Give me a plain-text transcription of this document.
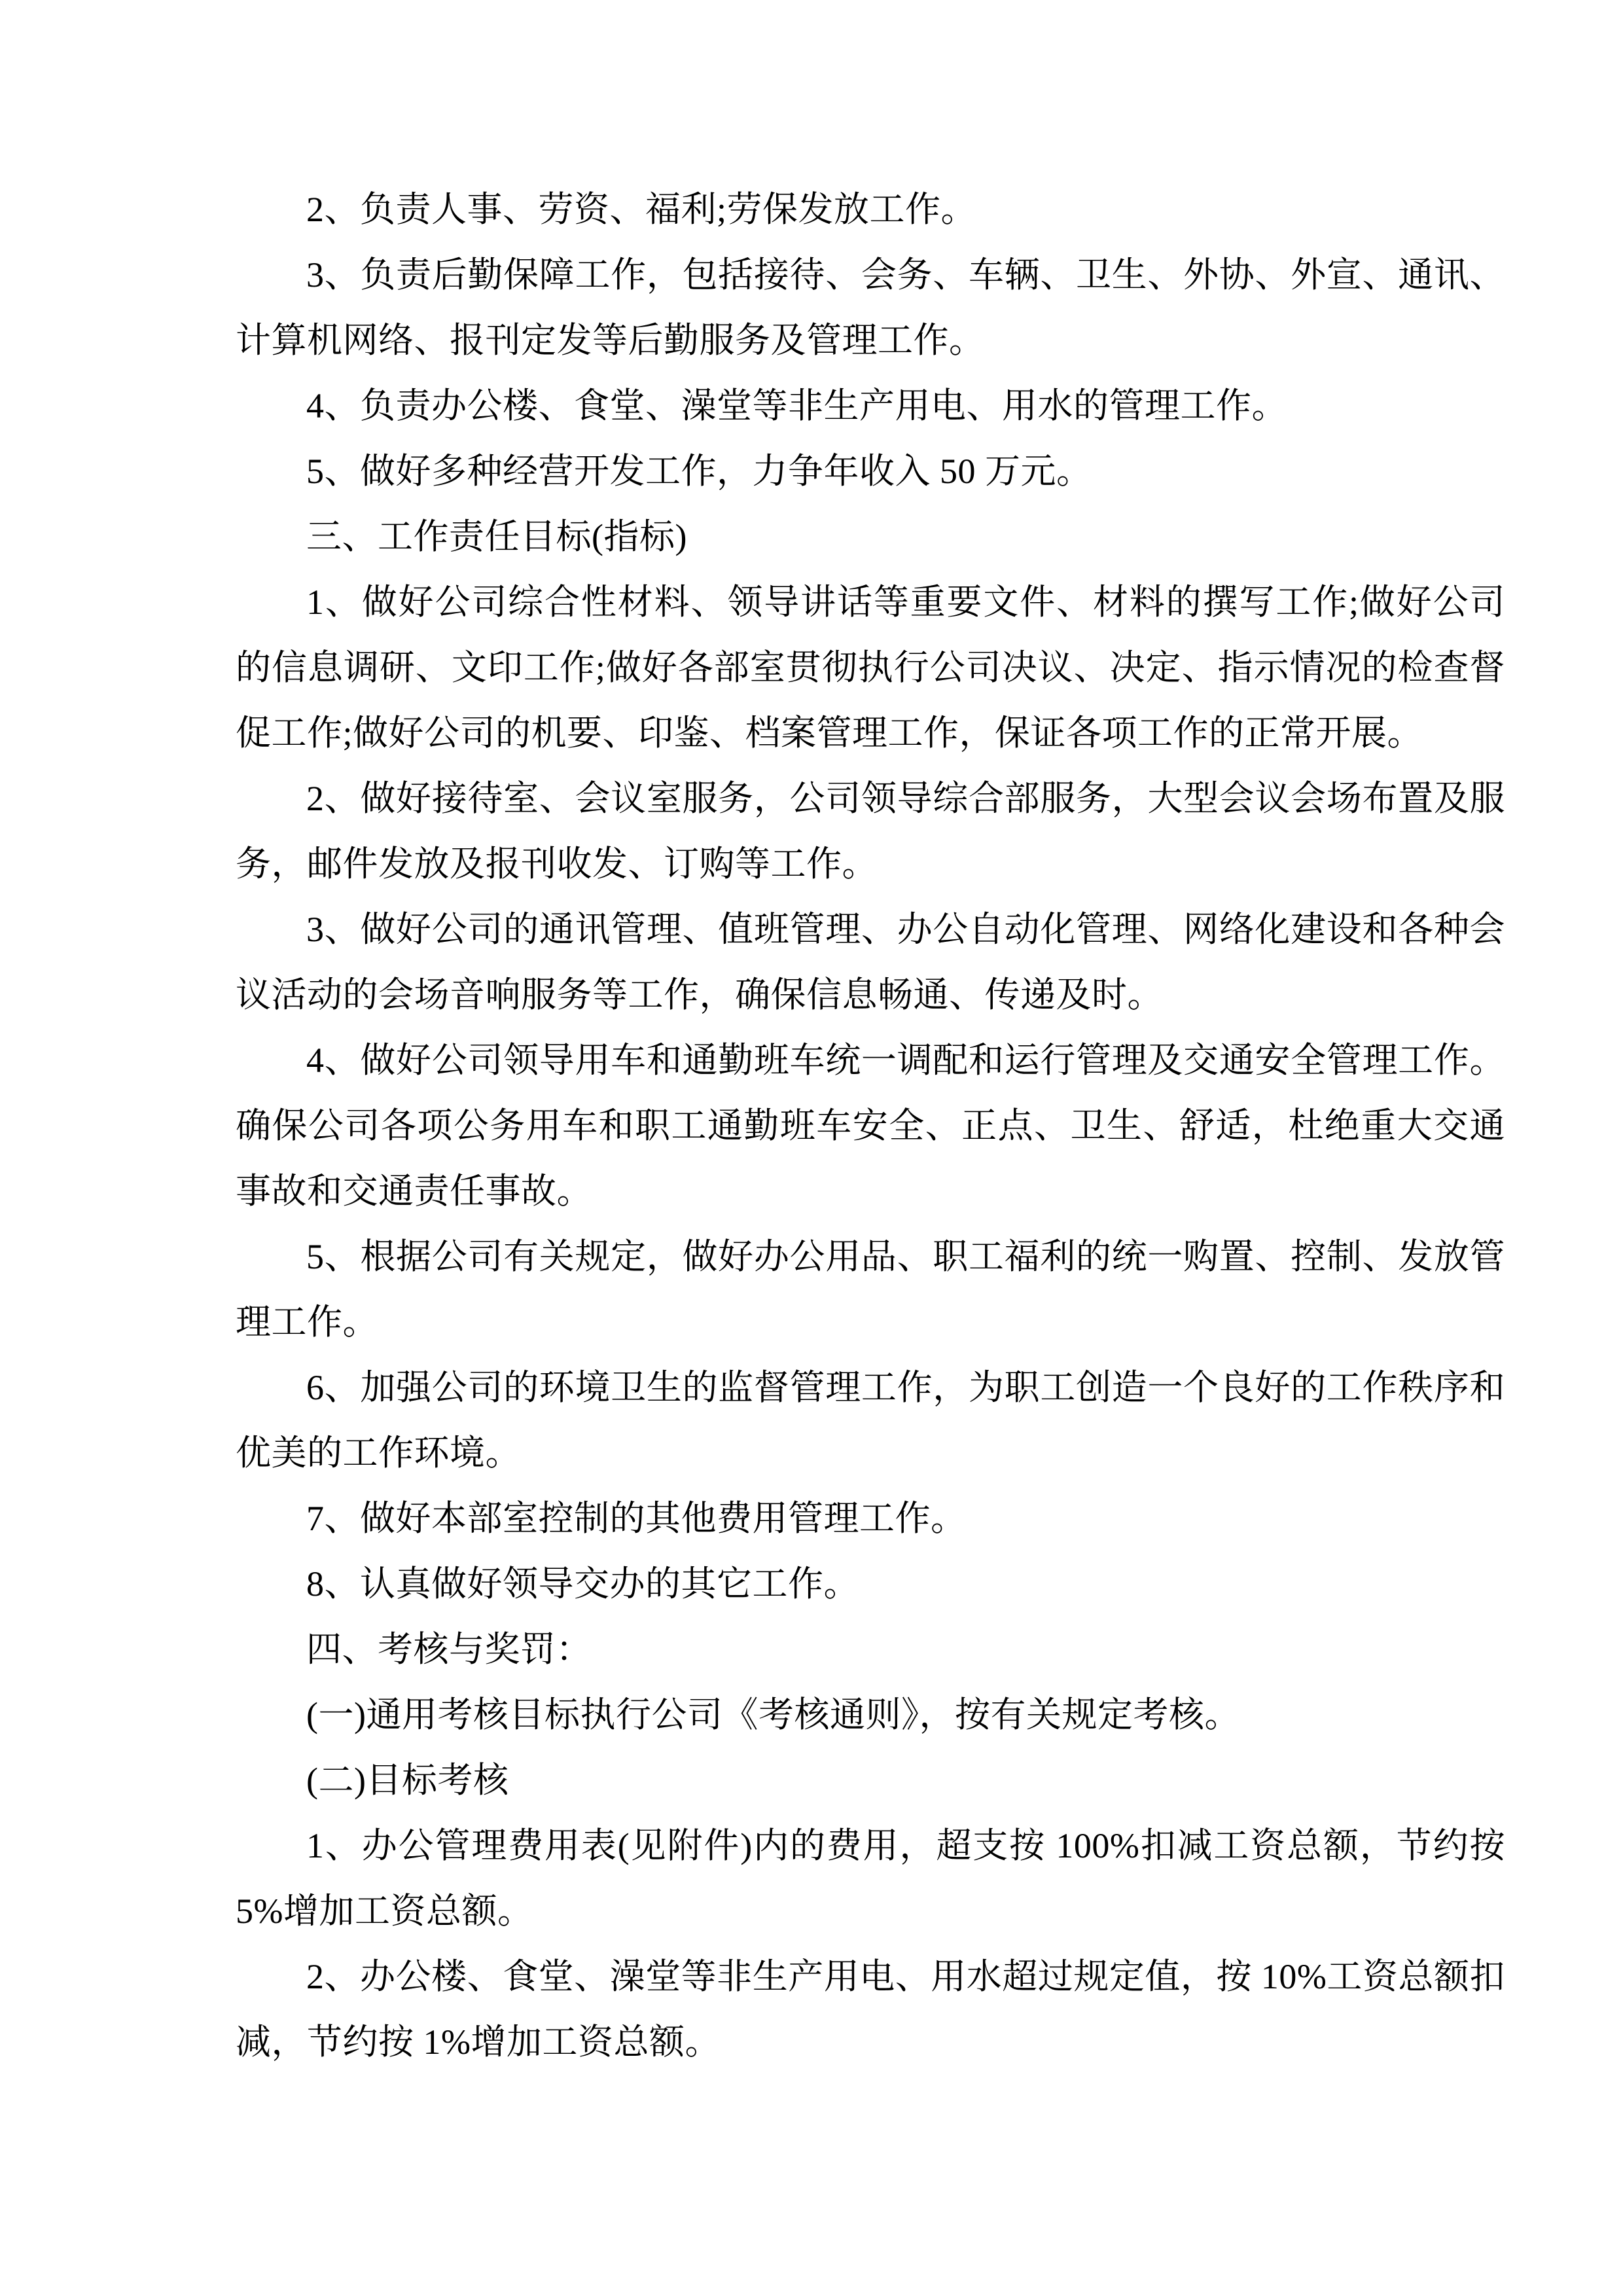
2、负责人事、劳资、福利;劳保发放工作。

3、负责后勤保障工作，包括接待、会务、车辆、卫生、外协、外宣、通讯、计算机网络、报刊定发等后勤服务及管理工作。

4、负责办公楼、食堂、澡堂等非生产用电、用水的管理工作。

5、做好多种经营开发工作，力争年收入 50 万元。

三、工作责任目标(指标)

1、做好公司综合性材料、领导讲话等重要文件、材料的撰写工作;做好公司的信息调研、文印工作;做好各部室贯彻执行公司决议、决定、指示情况的检查督促工作;做好公司的机要、印鉴、档案管理工作，保证各项工作的正常开展。

2、做好接待室、会议室服务，公司领导综合部服务，大型会议会场布置及服务，邮件发放及报刊收发、订购等工作。

3、做好公司的通讯管理、值班管理、办公自动化管理、网络化建设和各种会议活动的会场音响服务等工作，确保信息畅通、传递及时。

4、做好公司领导用车和通勤班车统一调配和运行管理及交通安全管理工作。确保公司各项公务用车和职工通勤班车安全、正点、卫生、舒适，杜绝重大交通事故和交通责任事故。

5、根据公司有关规定，做好办公用品、职工福利的统一购置、控制、发放管理工作。

6、加强公司的环境卫生的监督管理工作，为职工创造一个良好的工作秩序和优美的工作环境。

7、做好本部室控制的其他费用管理工作。

8、认真做好领导交办的其它工作。

四、考核与奖罚：

(一)通用考核目标执行公司《考核通则》，按有关规定考核。

(二)目标考核

1、办公管理费用表(见附件)内的费用，超支按 100%扣减工资总额，节约按 5%增加工资总额。

2、办公楼、食堂、澡堂等非生产用电、用水超过规定值，按 10%工资总额扣减，节约按 1%增加工资总额。
